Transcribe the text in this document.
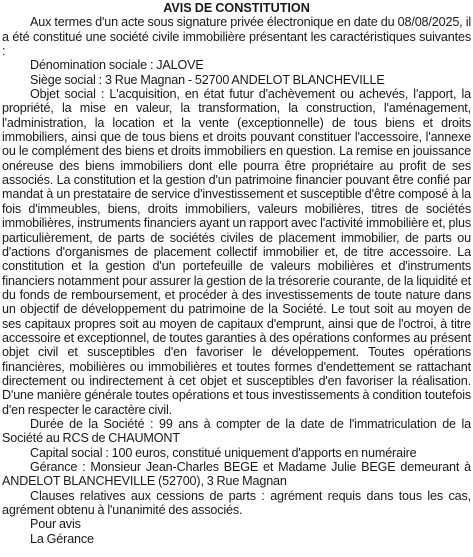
AVIS DE CONSTITUTION

Aux termes d'un acte sous signature privée électronique en date du 08/08/2025, il a été constitué une société civile immobilière présentant les caractéristiques suivantes :

Dénomination sociale : JALOVE

Siège social : 3 Rue Magnan - 52700 ANDELOT BLANCHEVILLE

Objet social : L'acquisition, en état futur d'achèvement ou achevés, l'apport, la propriété, la mise en valeur, la transformation, la construction, l'aménagement, l'administration, la location et la vente (exceptionnelle) de tous biens et droits immobiliers, ainsi que de tous biens et droits pouvant constituer l'accessoire, l'annexe ou le complément des biens et droits immobiliers en question. La remise en jouissance onéreuse des biens immobiliers dont elle pourra être propriétaire au profit de ses associés. La constitution et la gestion d'un patrimoine financier pouvant être confié par mandat à un prestataire de service d'investissement et susceptible d'être composé à la fois d'immeubles, biens, droits immobiliers, valeurs mobilières, titres de sociétés immobilières, instruments financiers ayant un rapport avec l'activité immobilière et, plus particulièrement, de parts de sociétés civiles de placement immobilier, de parts ou d'actions d'organismes de placement collectif immobilier et, de titre accessoire. La constitution et la gestion d'un portefeuille de valeurs mobilières et d'instruments financiers notamment pour assurer la gestion de la trésorerie courante, de la liquidité et du fonds de remboursement, et procéder à des investissements de toute nature dans un objectif de développement du patrimoine de la Société. Le tout soit au moyen de ses capitaux propres soit au moyen de capitaux d'emprunt, ainsi que de l'octroi, à titre accessoire et exceptionnel, de toutes garanties à des opérations conformes au présent objet civil et susceptibles d'en favoriser le développement. Toutes opérations financières, mobilières ou immobilières et toutes formes d'endettement se rattachant directement ou indirectement à cet objet et susceptibles d'en favoriser la réalisation. D'une manière générale toutes opérations et tous investissements à condition toutefois d'en respecter le caractère civil.

Durée de la Société : 99 ans à compter de la date de l'immatriculation de la Société au RCS de CHAUMONT

Capital social : 100 euros, constitué uniquement d'apports en numéraire

Gérance : Monsieur Jean-Charles BEGE et Madame Julie BEGE demeurant à ANDELOT BLANCHEVILLE (52700), 3 Rue Magnan

Clauses relatives aux cessions de parts : agrément requis dans tous les cas, agrément obtenu à l'unanimité des associés.

Pour avis

La Gérance
